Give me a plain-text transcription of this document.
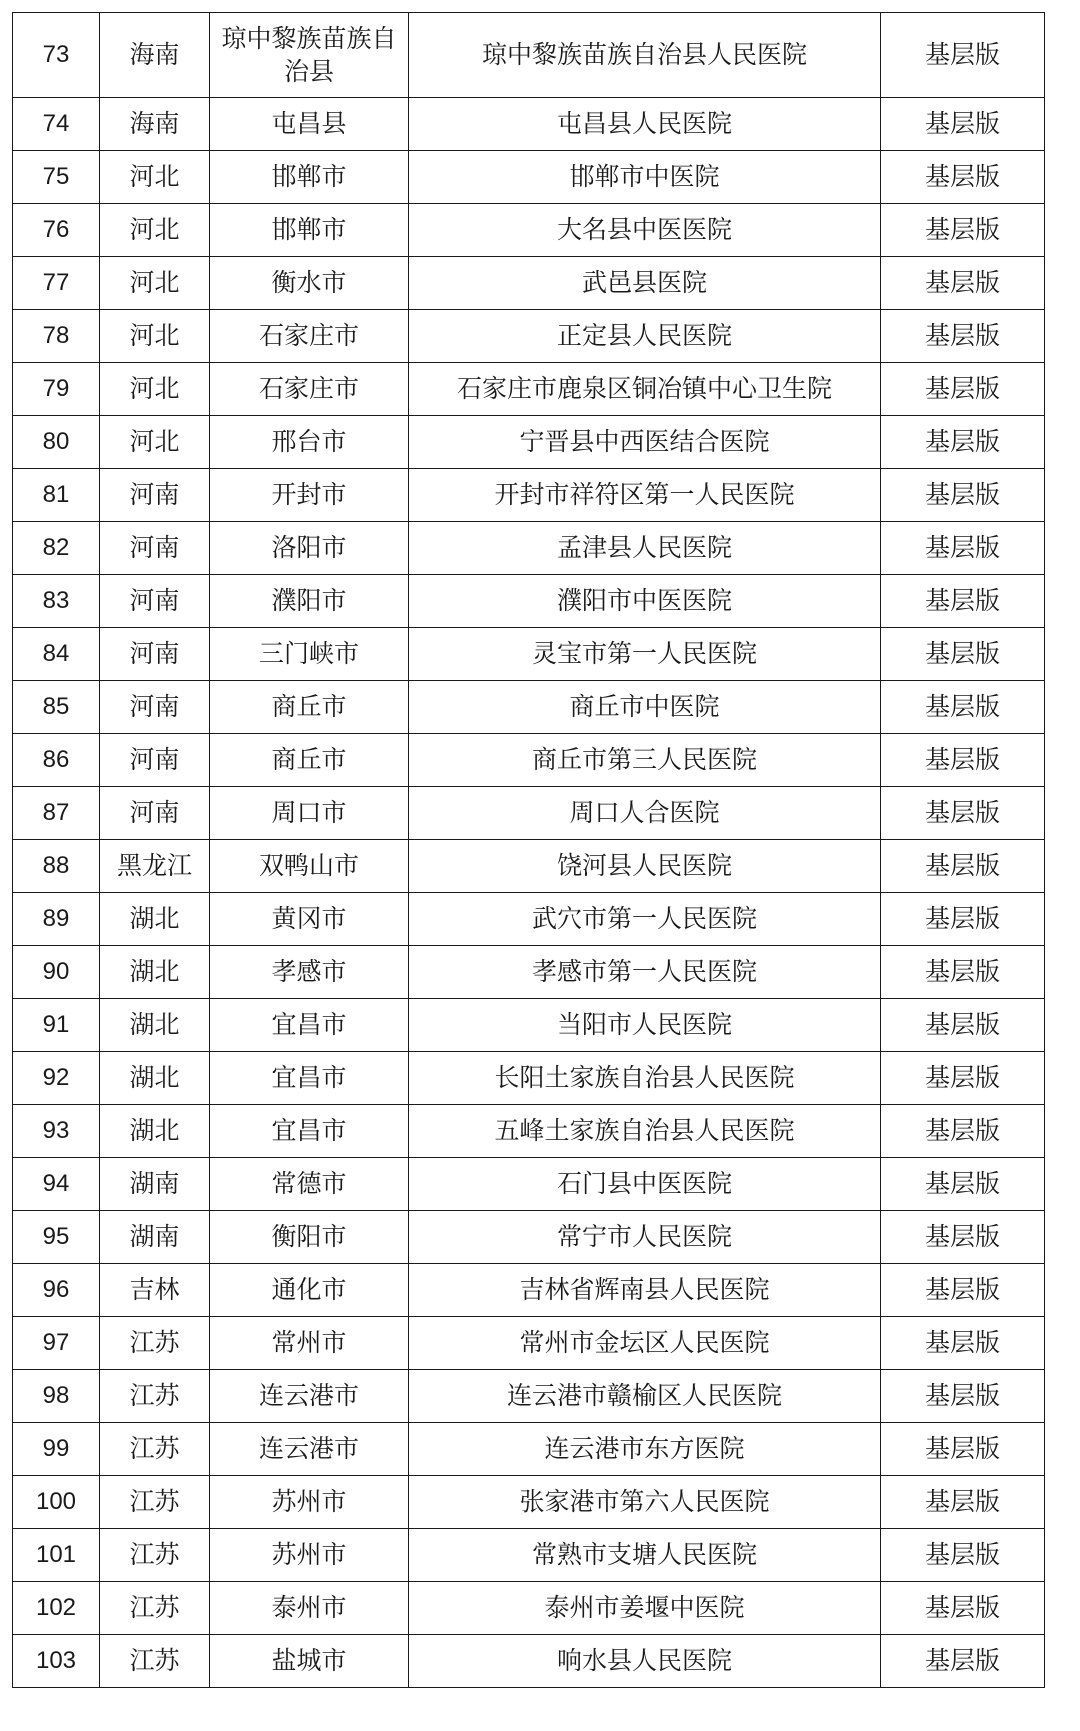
73	海南	琼中黎族苗族自治县	琼中黎族苗族自治县人民医院	基层版
74	海南	屯昌县	屯昌县人民医院	基层版
75	河北	邯郸市	邯郸市中医院	基层版
76	河北	邯郸市	大名县中医医院	基层版
77	河北	衡水市	武邑县医院	基层版
78	河北	石家庄市	正定县人民医院	基层版
79	河北	石家庄市	石家庄市鹿泉区铜冶镇中心卫生院	基层版
80	河北	邢台市	宁晋县中西医结合医院	基层版
81	河南	开封市	开封市祥符区第一人民医院	基层版
82	河南	洛阳市	孟津县人民医院	基层版
83	河南	濮阳市	濮阳市中医医院	基层版
84	河南	三门峡市	灵宝市第一人民医院	基层版
85	河南	商丘市	商丘市中医院	基层版
86	河南	商丘市	商丘市第三人民医院	基层版
87	河南	周口市	周口人合医院	基层版
88	黑龙江	双鸭山市	饶河县人民医院	基层版
89	湖北	黄冈市	武穴市第一人民医院	基层版
90	湖北	孝感市	孝感市第一人民医院	基层版
91	湖北	宜昌市	当阳市人民医院	基层版
92	湖北	宜昌市	长阳土家族自治县人民医院	基层版
93	湖北	宜昌市	五峰土家族自治县人民医院	基层版
94	湖南	常德市	石门县中医医院	基层版
95	湖南	衡阳市	常宁市人民医院	基层版
96	吉林	通化市	吉林省辉南县人民医院	基层版
97	江苏	常州市	常州市金坛区人民医院	基层版
98	江苏	连云港市	连云港市赣榆区人民医院	基层版
99	江苏	连云港市	连云港市东方医院	基层版
100	江苏	苏州市	张家港市第六人民医院	基层版
101	江苏	苏州市	常熟市支塘人民医院	基层版
102	江苏	泰州市	泰州市姜堰中医院	基层版
103	江苏	盐城市	响水县人民医院	基层版
